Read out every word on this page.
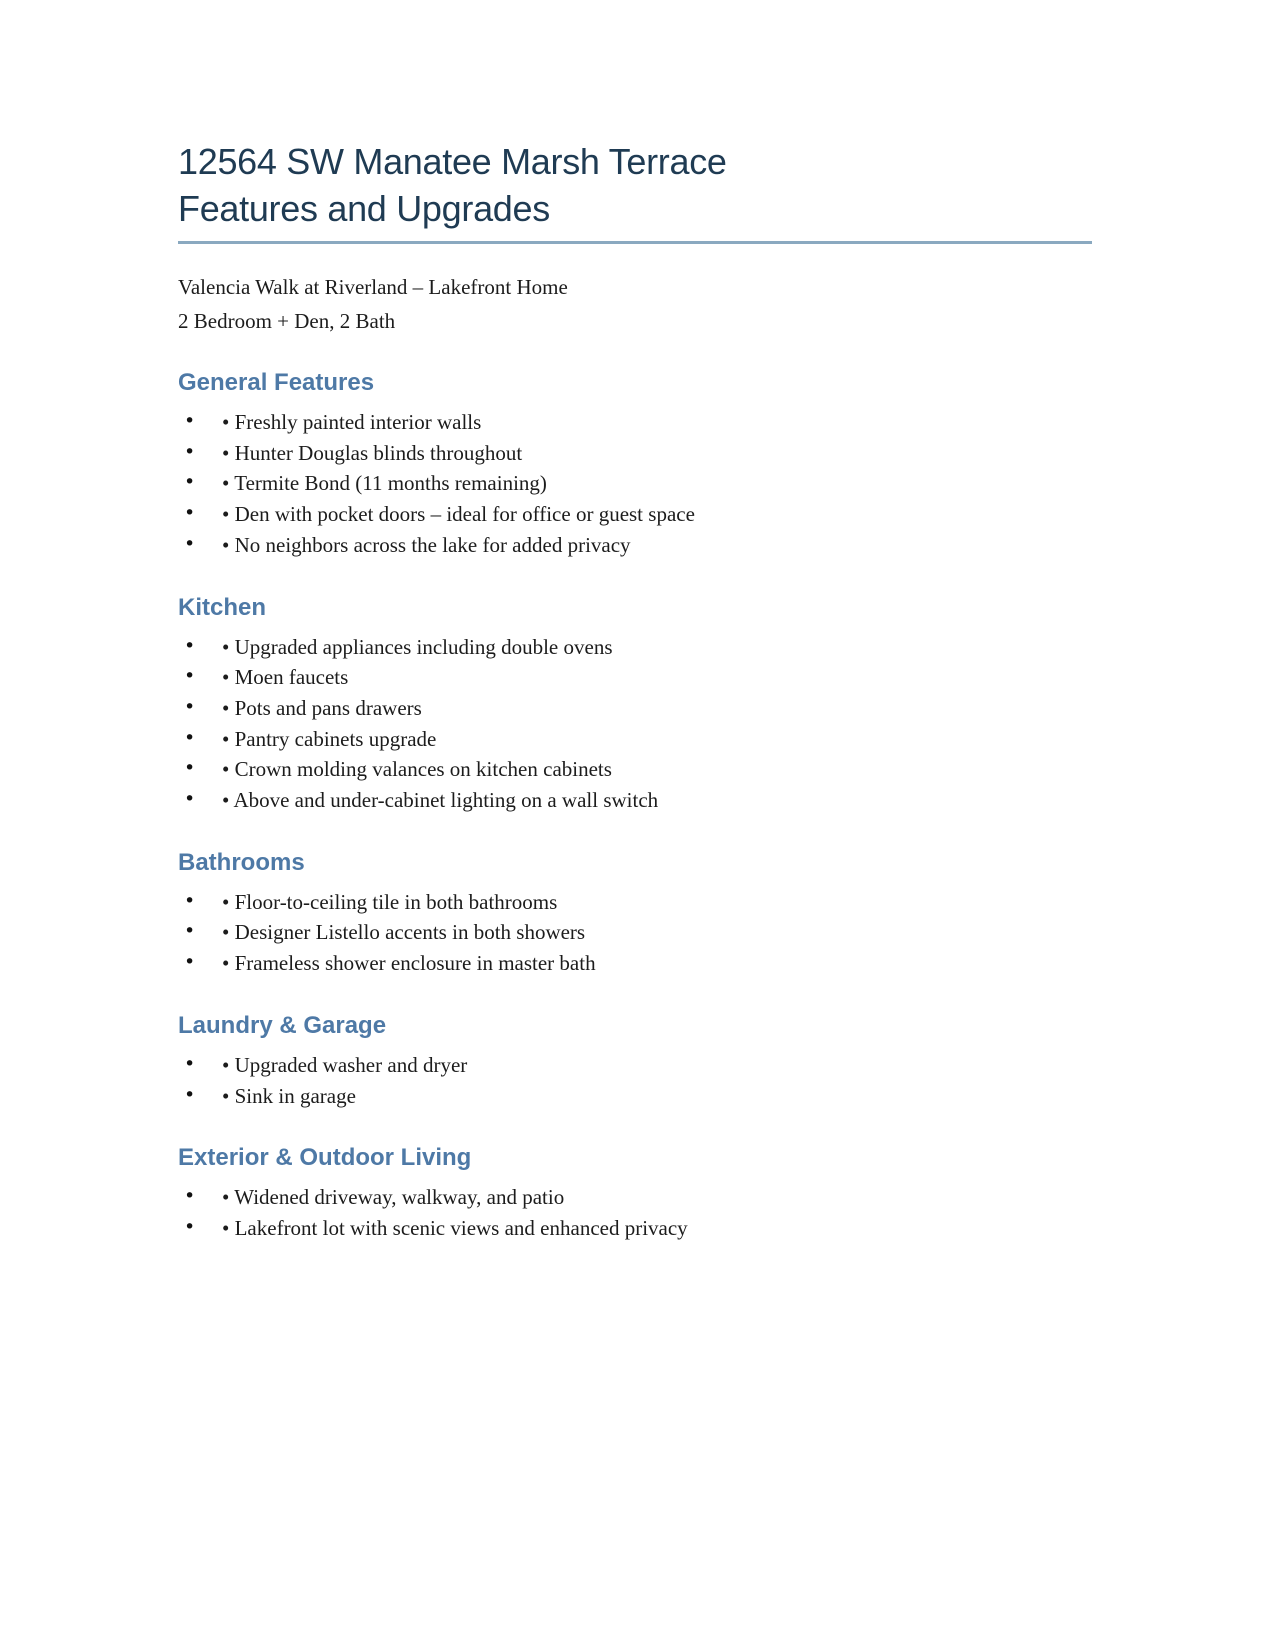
12564 SW Manatee Marsh Terrace
Features and Upgrades
Valencia Walk at Riverland – Lakefront Home
2 Bedroom + Den, 2 Bath
General Features
• • Freshly painted interior walls
• • Hunter Douglas blinds throughout
• • Termite Bond (11 months remaining)
• • Den with pocket doors – ideal for office or guest space
• • No neighbors across the lake for added privacy
Kitchen
• • Upgraded appliances including double ovens
• • Moen faucets
• • Pots and pans drawers
• • Pantry cabinets upgrade
• • Crown molding valances on kitchen cabinets
• • Above and under-cabinet lighting on a wall switch
Bathrooms
• • Floor-to-ceiling tile in both bathrooms
• • Designer Listello accents in both showers
• • Frameless shower enclosure in master bath
Laundry & Garage
• • Upgraded washer and dryer
• • Sink in garage
Exterior & Outdoor Living
• • Widened driveway, walkway, and patio
• • Lakefront lot with scenic views and enhanced privacy
